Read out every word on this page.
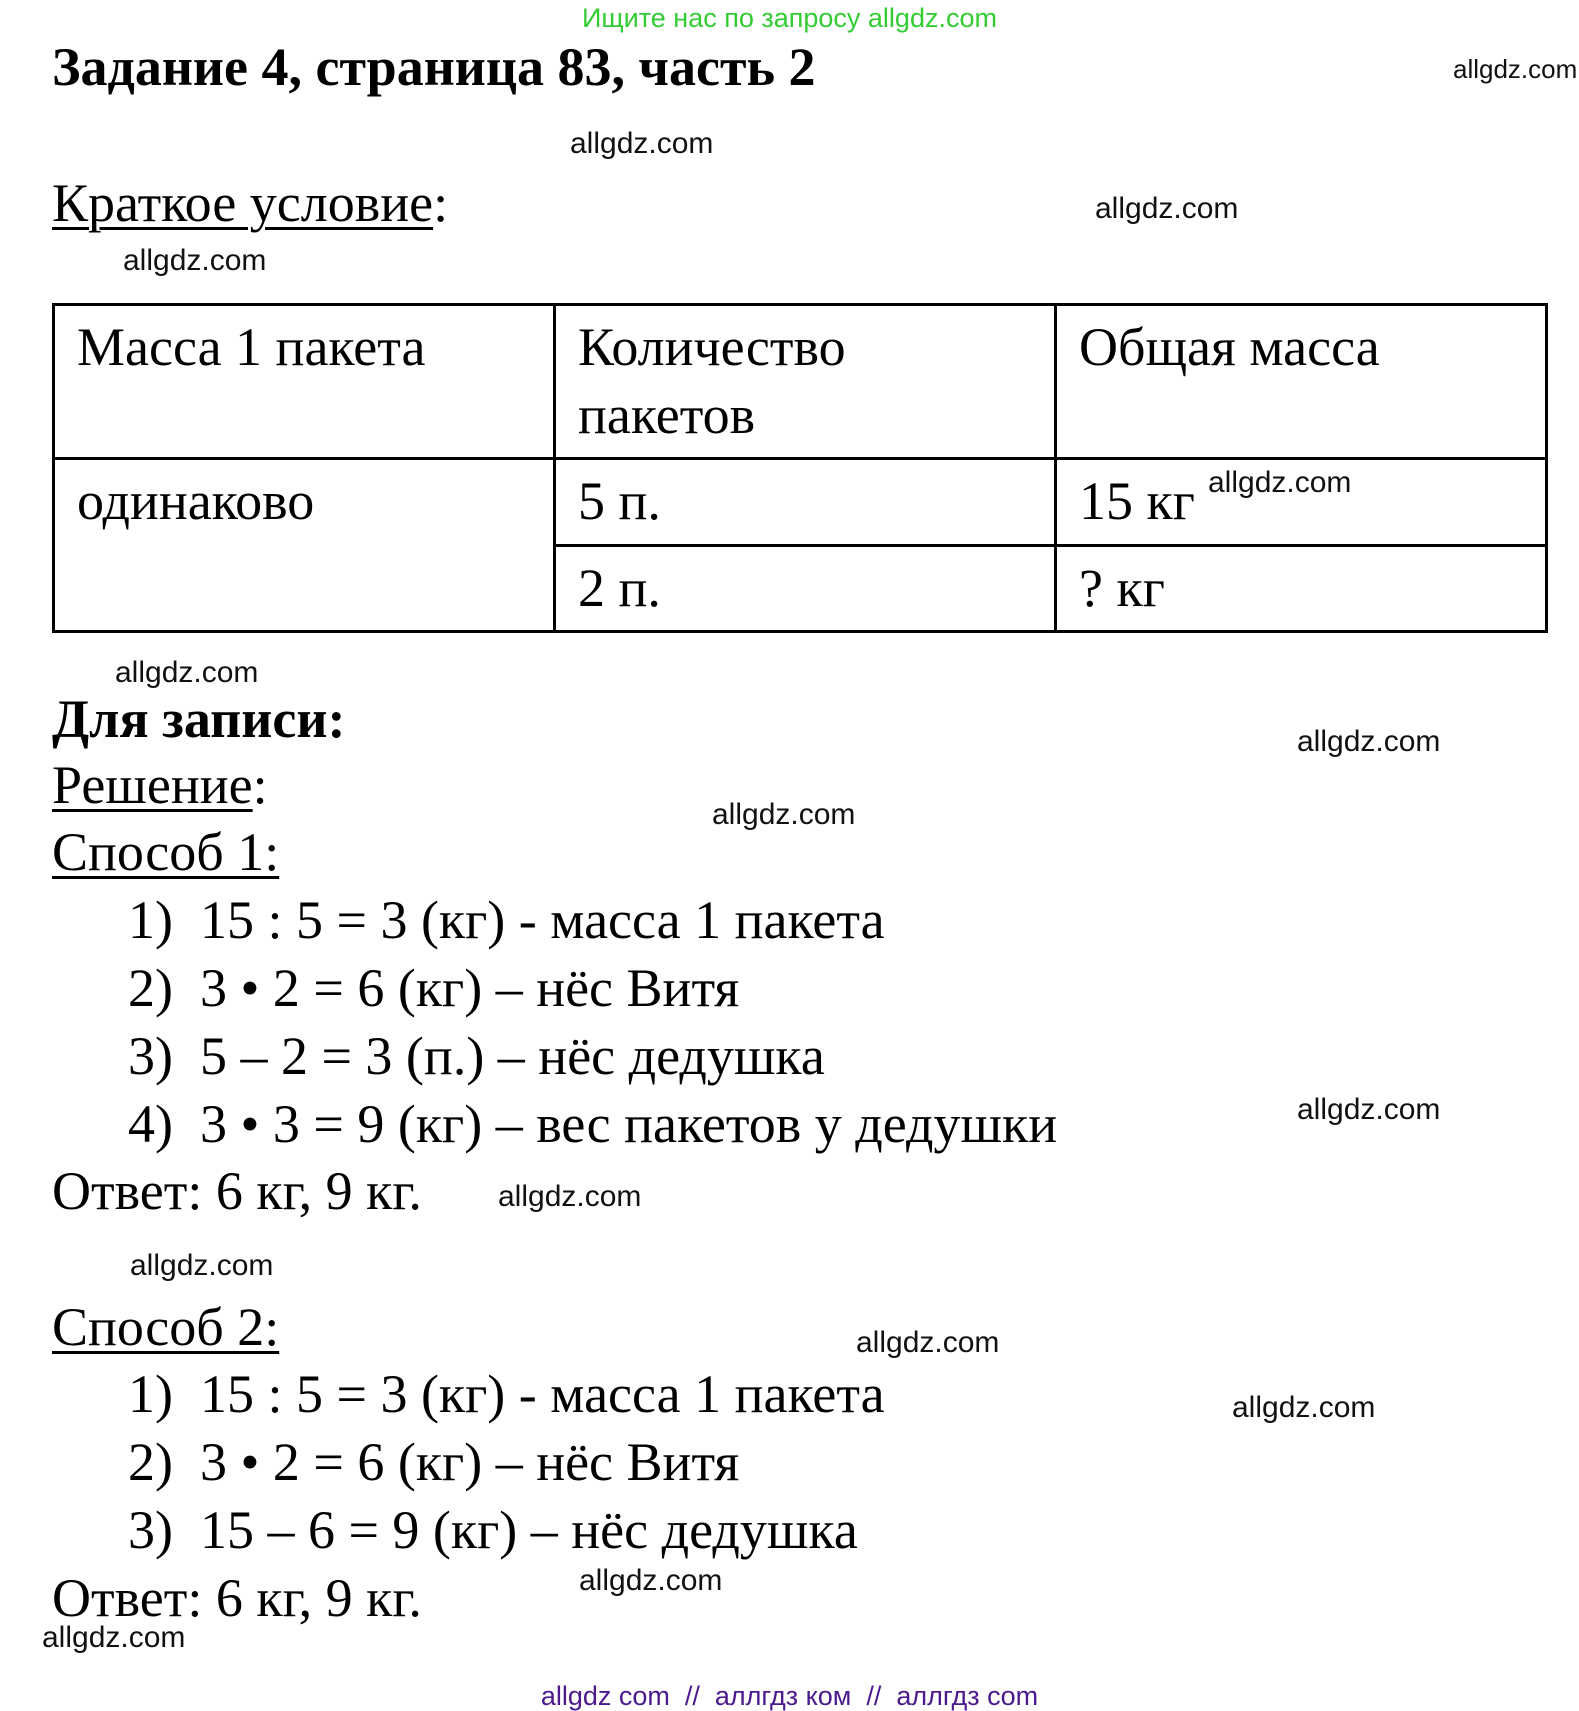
Ищите нас по запросу allgdz.com
Задание 4, страница 83, часть 2
Краткое условие:
Масса 1 пакета	Количество пакетов	Общая масса
одинаково	5 п.	15 кг
	2 п.	? кг
Для записи:
Решение:
Способ 1:
1)  15 : 5 = 3 (кг) - масса 1 пакета
2)  3 • 2 = 6 (кг) – нёс Витя
3)  5 – 2 = 3 (п.) – нёс дедушка
4)  3 • 3 = 9 (кг) – вес пакетов у дедушки
Ответ: 6 кг, 9 кг.
Способ 2:
1)  15 : 5 = 3 (кг) - масса 1 пакета
2)  3 • 2 = 6 (кг) – нёс Витя
3)  15 – 6 = 9 (кг) – нёс дедушка
Ответ: 6 кг, 9 кг.
allgdz.com
allgdz.com
allgdz.com
allgdz.com
allgdz.com
allgdz.com
allgdz.com
allgdz.com
allgdz.com
allgdz.com
allgdz.com
allgdz.com
allgdz.com
allgdz.com
allgdz.com
allgdz com  //  аллгдз ком  //  аллгдз com
